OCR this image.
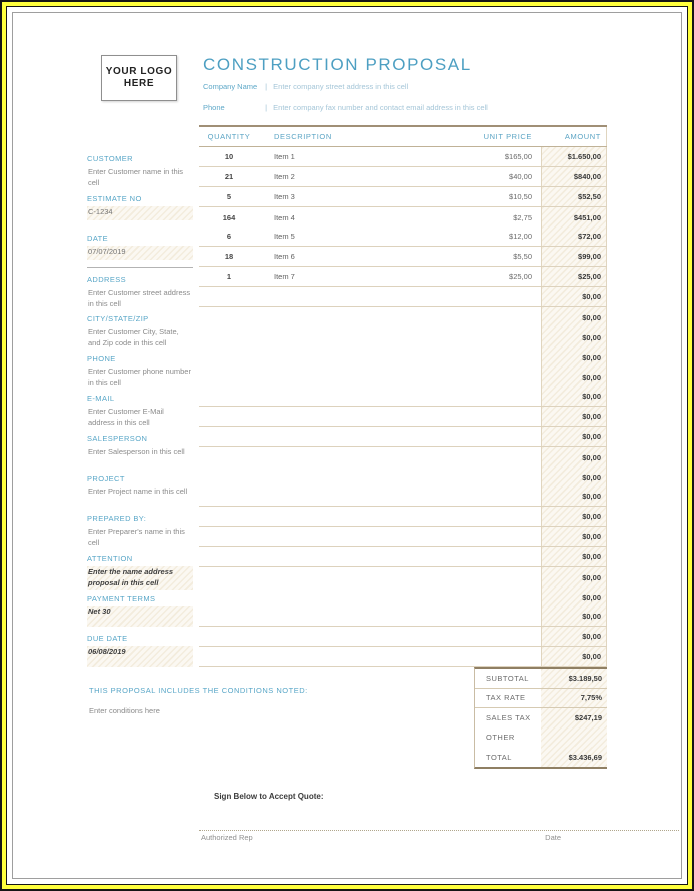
YOUR LOGO
HERE
CONSTRUCTION PROPOSAL
Company Name | Enter company street address in this cell
Phone	| Enter company fax number and contact email address in this cell
CUSTOMER
Enter Customer name in this cell
ESTIMATE NO
C-1234
DATE
07/07/2019
ADDRESS
Enter Customer street address in this cell
CITY/STATE/ZIP
Enter Customer City, State, and Zip code in this cell
PHONE
Enter Customer phone number in this cell
E-MAIL
Enter Customer E-Mail address in this cell
SALESPERSON
Enter Salesperson in this cell
PROJECT
Enter Project name in this cell
PREPARED BY:
Enter Preparer's name in this cell
ATTENTION
Enter the name address proposal in this cell
PAYMENT TERMS
Net 30
DUE DATE
06/08/2019
QUANTITY	DESCRIPTION	UNIT PRICE	AMOUNT
10	Item 1	$165,00	$1.650,00
21	Item 2	$40,00	$840,00
5	Item 3	$10,50	$52,50
164	Item 4	$2,75	$451,00
6	Item 5	$12,00	$72,00
18	Item 6	$5,50	$99,00
1	Item 7	$25,00	$25,00
$0,00
$0,00
$0,00
$0,00
$0,00
$0,00
$0,00
$0,00
$0,00
$0,00
$0,00
$0,00
$0,00
$0,00
$0,00
$0,00
$0,00
$0,00
$0,00
THIS PROPOSAL INCLUDES THE CONDITIONS NOTED:
Enter conditions here
SUBTOTAL	$3.189,50
TAX RATE	7,75%
SALES TAX	$247,19
OTHER
TOTAL	$3.436,69
Sign Below to Accept Quote:
Authorized Rep	Date
